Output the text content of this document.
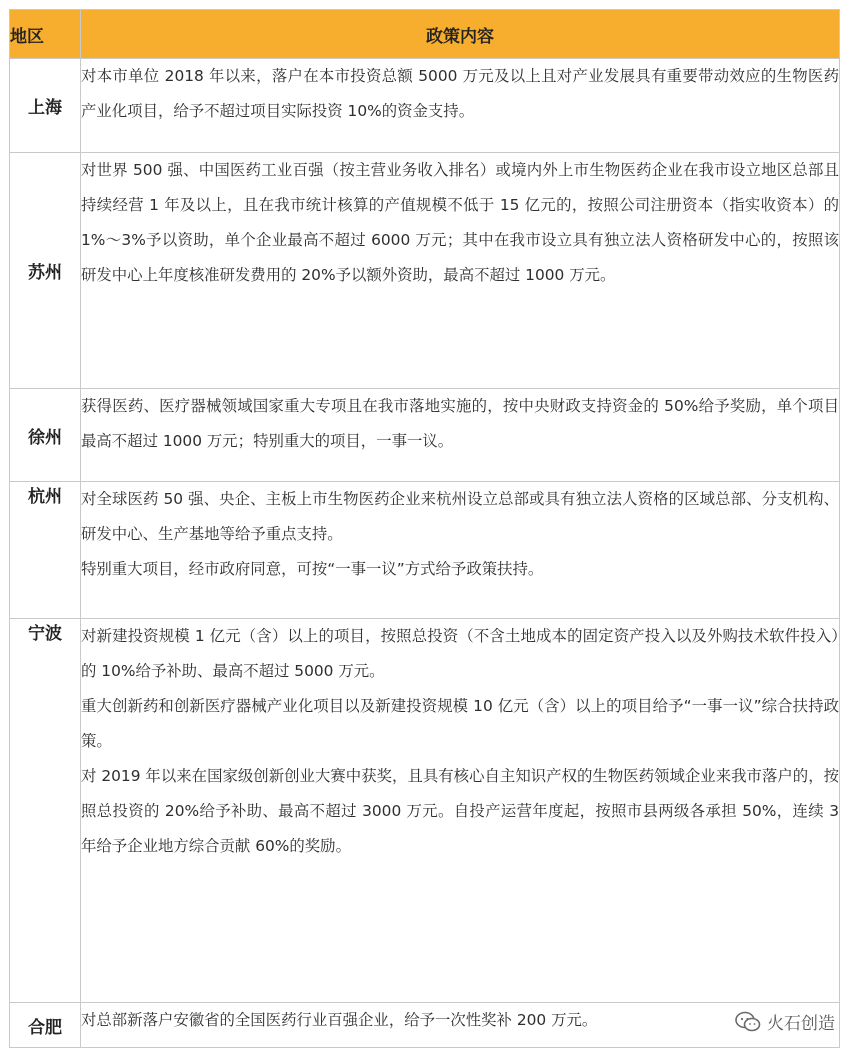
地区	政策内容
上海	对本市单位 2018 年以来，落户在本市投资总额 5000 万元及以上且对产业发展具有重要带动效应的生物医药产业化项目，给予不超过项目实际投资 10%的资金支持。

苏州	对世界 500 强、中国医药工业百强（按主营业务收入排名）或境内外上市生物医药企业在我市设立地区总部且持续经营 1 年及以上，且在我市统计核算的产值规模不低于 15 亿元的，按照公司注册资本（指实收资本）的 1%～3%予以资助，单个企业最高不超过 6000 万元；其中在我市设立具有独立法人资格研发中心的，按照该研发中心上年度核准研发费用的 20%予以额外资助，最高不超过 1000 万元。

徐州	获得医药、医疗器械领域国家重大专项且在我市落地实施的，按中央财政支持资金的 50%给予奖励，单个项目最高不超过 1000 万元；特别重大的项目，一事一议。

杭州	对全球医药 50 强、央企、主板上市生物医药企业来杭州设立总部或具有独立法人资格的区域总部、分支机构、研发中心、生产基地等给予重点支持。

特别重大项目，经市政府同意，可按“一事一议”方式给予政策扶持。

宁波	对新建投资规模 1 亿元（含）以上的项目，按照总投资（不含土地成本的固定资产投入以及外购技术软件投入）的 10%给予补助、最高不超过 5000 万元。

重大创新药和创新医疗器械产业化项目以及新建投资规模 10 亿元（含）以上的项目给予“一事一议”综合扶持政策。

对 2019 年以来在国家级创新创业大赛中获奖，且具有核心自主知识产权的生物医药领域企业来我市落户的，按照总投资的 20%给予补助、最高不超过 3000 万元。自投产运营年度起，按照市县两级各承担 50%，连续 3 年给予企业地方综合贡献 60%的奖励。

合肥	对总部新落户安徽省的全国医药行业百强企业，给予一次性奖补 200 万元。	火石创造
